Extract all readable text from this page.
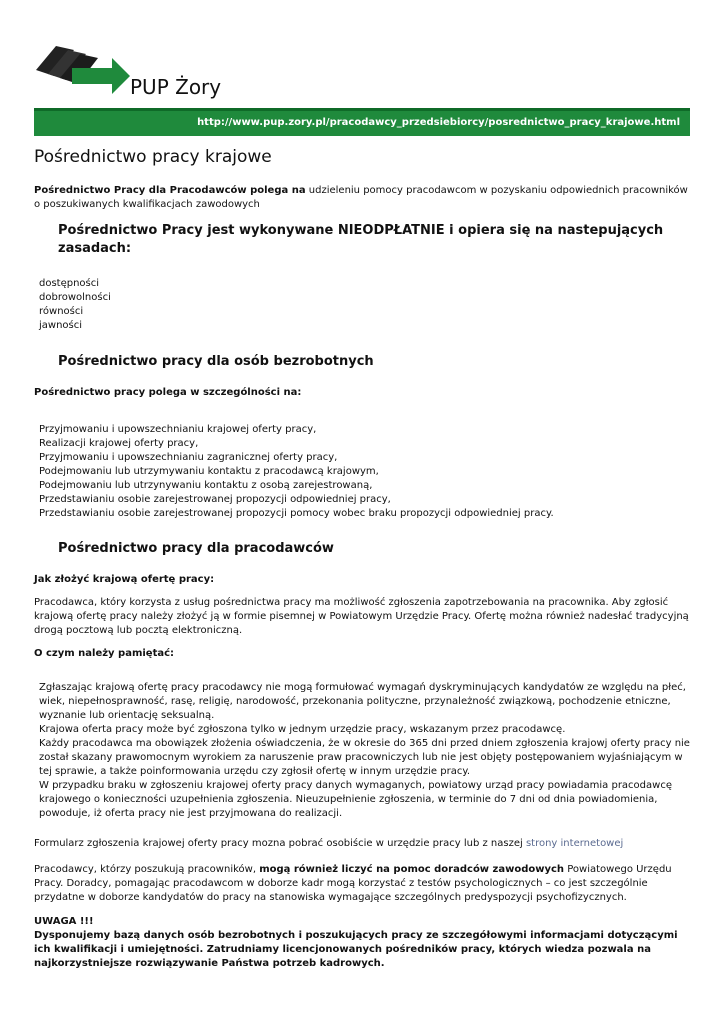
PUP Żory
http://www.pup.zory.pl/pracodawcy_przedsiebiorcy/posrednictwo_pracy_krajowe.html
Pośrednictwo pracy krajowe

Pośrednictwo Pracy dla Pracodawców polega na udzieleniu pomocy pracodawcom w pozyskaniu odpowiednich pracowników o poszukiwanych kwalifikacjach zawodowych

Pośrednictwo Pracy jest wykonywane NIEODPŁATNIE i opiera się na nastepujących zasadach:
dostępności
dobrowolności
równości
jawności
Pośrednictwo pracy dla osób bezrobotnych

Pośrednictwo pracy polega w szczególności na:

Przyjmowaniu i upowszechnianiu krajowej oferty pracy,
Realizacji krajowej oferty pracy,
Przyjmowaniu i upowszechnianiu zagranicznej oferty pracy,
Podejmowaniu lub utrzymywaniu kontaktu z pracodawcą krajowym,
Podejmowaniu lub utrzynywaniu kontaktu z osobą zarejestrowaną,
Przedstawianiu osobie zarejestrowanej propozycji odpowiedniej pracy,
Przedstawianiu osobie zarejestrowanej propozycji pomocy wobec braku propozycji odpowiedniej pracy.
Pośrednictwo pracy dla pracodawców

Jak złożyć krajową ofertę pracy:

Pracodawca, który korzysta z usług pośrednictwa pracy ma możliwość zgłoszenia zapotrzebowania na pracownika. Aby zgłosić krajową ofertę pracy należy złożyć ją w formie pisemnej w Powiatowym Urzędzie Pracy. Ofertę można również nadesłać tradycyjną drogą pocztową lub pocztą elektroniczną.

O czym należy pamiętać:

Zgłaszając krajową ofertę pracy pracodawcy nie mogą formułować wymagań dyskryminujących kandydatów ze względu na płeć, wiek, niepełnosprawność, rasę, religię, narodowość, przekonania polityczne, przynależność związkową, pochodzenie etniczne, wyznanie lub orientację seksualną.
Krajowa oferta pracy może być zgłoszona tylko w jednym urzędzie pracy, wskazanym przez pracodawcę.
Każdy pracodawca ma obowiązek złożenia oświadczenia, że w okresie do 365 dni przed dniem zgłoszenia krajowj oferty pracy nie został skazany prawomocnym wyrokiem za naruszenie praw pracowniczych lub nie jest objęty postępowaniem wyjaśniającym w tej sprawie, a także poinformowania urzędu czy zgłosił ofertę w innym urzędzie pracy.
W przypadku braku w zgłoszeniu krajowej oferty pracy danych wymaganych, powiatowy urząd pracy powiadamia pracodawcę krajowego o konieczności uzupełnienia zgłoszenia. Nieuzupełnienie zgłoszenia, w terminie do 7 dni od dnia powiadomienia, powoduje, iż oferta pracy nie jest przyjmowana do realizacji.

Formularz zgłoszenia krajowej oferty pracy mozna pobrać osobiście w urzędzie pracy lub z naszej strony internetowej

Pracodawcy, którzy poszukują pracowników, mogą również liczyć na pomoc doradców zawodowych Powiatowego Urzędu Pracy. Doradcy, pomagając pracodawcom w doborze kadr mogą korzystać z testów psychologicznych – co jest szczególnie przydatne w doborze kandydatów do pracy na stanowiska wymagające szczególnych predyspozycji psychofizycznych.

UWAGA !!!
Dysponujemy bazą danych osób bezrobotnych i poszukujących pracy ze szczegółowymi informacjami dotyczącymi ich kwalifikacji i umiejętności. Zatrudniamy licencjonowanych pośredników pracy, których wiedza pozwala na najkorzystniejsze rozwiązywanie Państwa potrzeb kadrowych.
